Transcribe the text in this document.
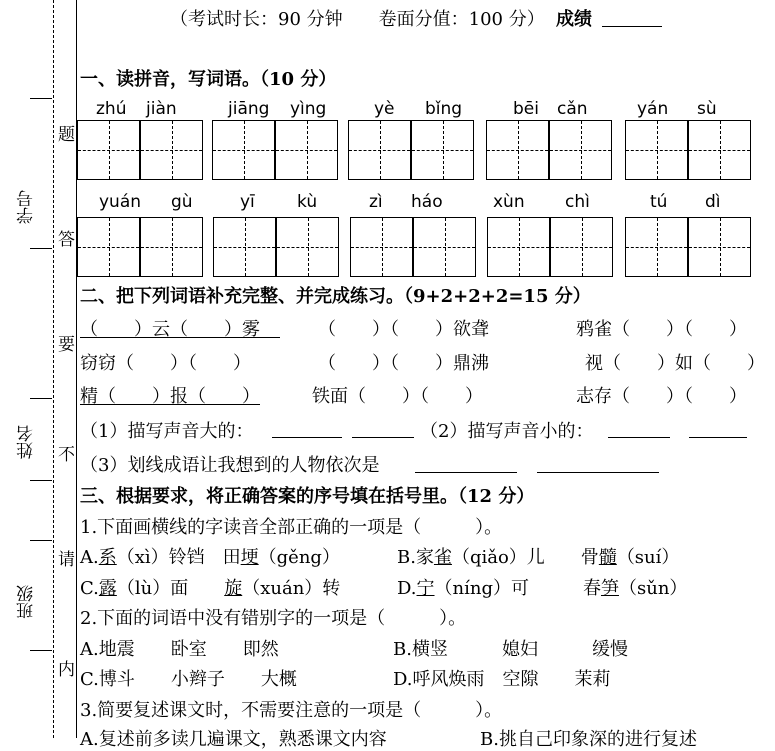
学号
姓名
班级
题
答
要
不
请
内
（考试时长：90 分钟　　卷面分值：100 分） 成绩
一、读拼音，写词语。（10 分）
zhú jiàn	jiāng yìng	yè bǐng	bēi cǎn	yán sù
yuán gù	yī kù	zì háo	xùn chì	tú dì
二、把下列词语补充完整、并完成练习。（9+2+2+2=15 分）
（　　）云（　　）雾	（　　）（　　）欲聋	鸦雀（　　）（　　）
窃窃（　　）（　　）	（　　）（　　）鼎沸	视（　　）如（　　）
精（　　）报（　　）	铁面（　　）（　　）	志存（　　）（　　）
（1）描写声音大的：	（2）描写声音小的：
（3）划线成语让我想到的人物依次是
三、根据要求，将正确答案的序号填在括号里。（12 分）
1.下面画横线的字读音全部正确的一项是（　　　）。
A.系（xì）铃铛　田埂（gěng）	B.家雀（qiǎo）儿　　骨髓（suí）
C.露（lù）面　　旋（xuán）转	D.宁（níng）可　　　春笋（sǔn）
2.下面的词语中没有错别字的一项是（　　　）。
A.地震　　卧室　　即然	B.横竖　　　媳妇　　　缓慢
C.博斗　　小辫子　　大概	D.呼风焕雨　空隙　　茉莉
3.简要复述课文时，不需要注意的一项是（　　　）。
A.复述前多读几遍课文，熟悉课文内容	B.挑自己印象深的进行复述
